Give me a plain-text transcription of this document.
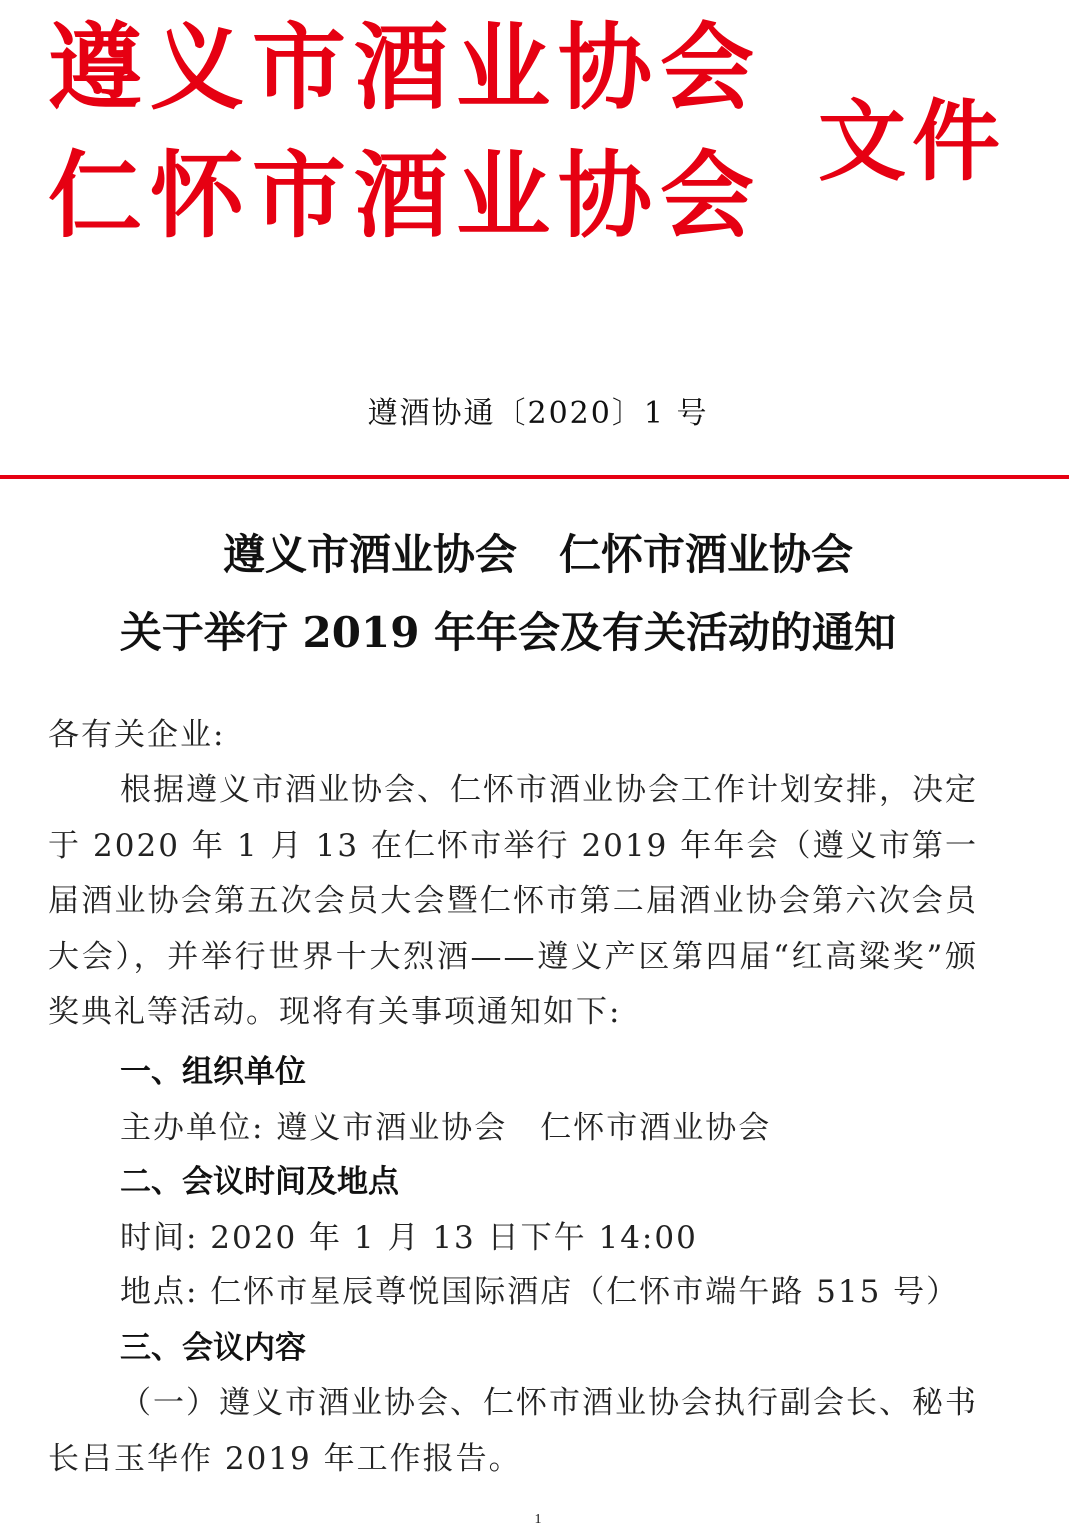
遵义市酒业协会
仁怀市酒业协会 文件
遵酒协通〔2020〕1 号
遵义市酒业协会　仁怀市酒业协会
关于举行 2019 年年会及有关活动的通知
各有关企业:
根据遵义市酒业协会、仁怀市酒业协会工作计划安排，决定于 2020 年 1 月 13 在仁怀市举行 2019 年年会（遵义市第一届酒业协会第五次会员大会暨仁怀市第二届酒业协会第六次会员大会），并举行世界十大烈酒——遵义产区第四届“红高粱奖”颁奖典礼等活动。现将有关事项通知如下:
一、组织单位
主办单位: 遵义市酒业协会　仁怀市酒业协会
二、会议时间及地点
时间: 2020 年 1 月 13 日下午 14:00
地点: 仁怀市星辰尊悦国际酒店（仁怀市端午路 515 号）
三、会议内容
（一）遵义市酒业协会、仁怀市酒业协会执行副会长、秘书长吕玉华作 2019 年工作报告。
1
